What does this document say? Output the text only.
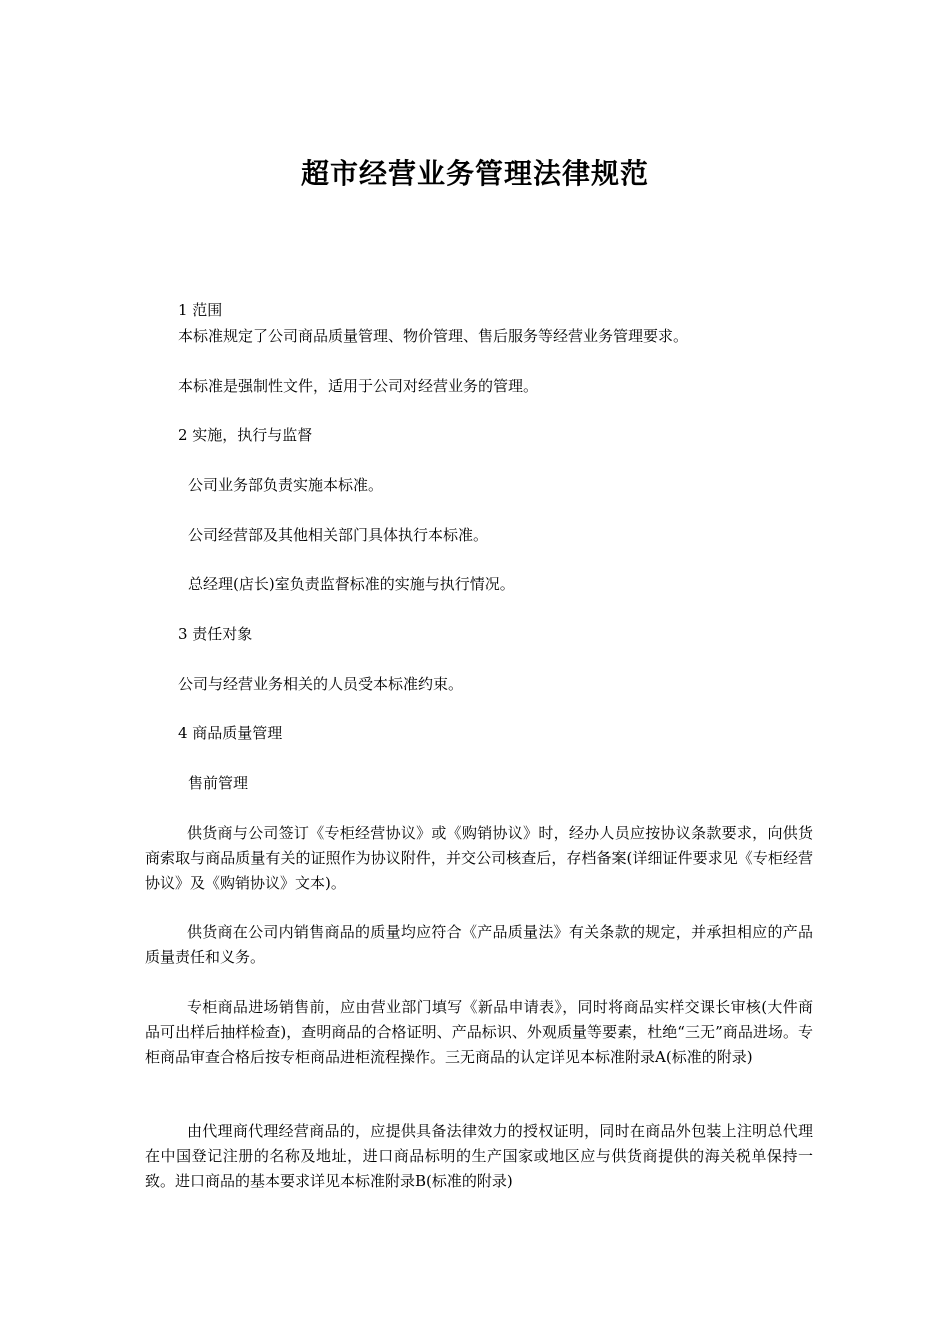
超市经营业务管理法律规范
1 范围
本标准规定了公司商品质量管理、物价管理、售后服务等经营业务管理要求。
本标准是强制性文件，适用于公司对经营业务的管理。
2 实施，执行与监督
公司业务部负责实施本标准。
公司经营部及其他相关部门具体执行本标准。
总经理(店长)室负责监督标准的实施与执行情况。
3 责任对象
公司与经营业务相关的人员受本标准约束。
4 商品质量管理
售前管理
供货商与公司签订《专柜经营协议》或《购销协议》时，经办人员应按协议条款要求，向供货商索取与商品质量有关的证照作为协议附件，并交公司核查后，存档备案(详细证件要求见《专柜经营协议》及《购销协议》文本)。
供货商在公司内销售商品的质量均应符合《产品质量法》有关条款的规定，并承担相应的产品质量责任和义务。
专柜商品进场销售前，应由营业部门填写《新品申请表》，同时将商品实样交课长审核(大件商品可出样后抽样检查)，查明商品的合格证明、产品标识、外观质量等要素，杜绝“三无”商品进场。专柜商品审查合格后按专柜商品进柜流程操作。三无商品的认定详见本标准附录A(标准的附录)
由代理商代理经营商品的，应提供具备法律效力的授权证明，同时在商品外包装上注明总代理在中国登记注册的名称及地址，进口商品标明的生产国家或地区应与供货商提供的海关税单保持一致。进口商品的基本要求详见本标准附录B(标准的附录)
